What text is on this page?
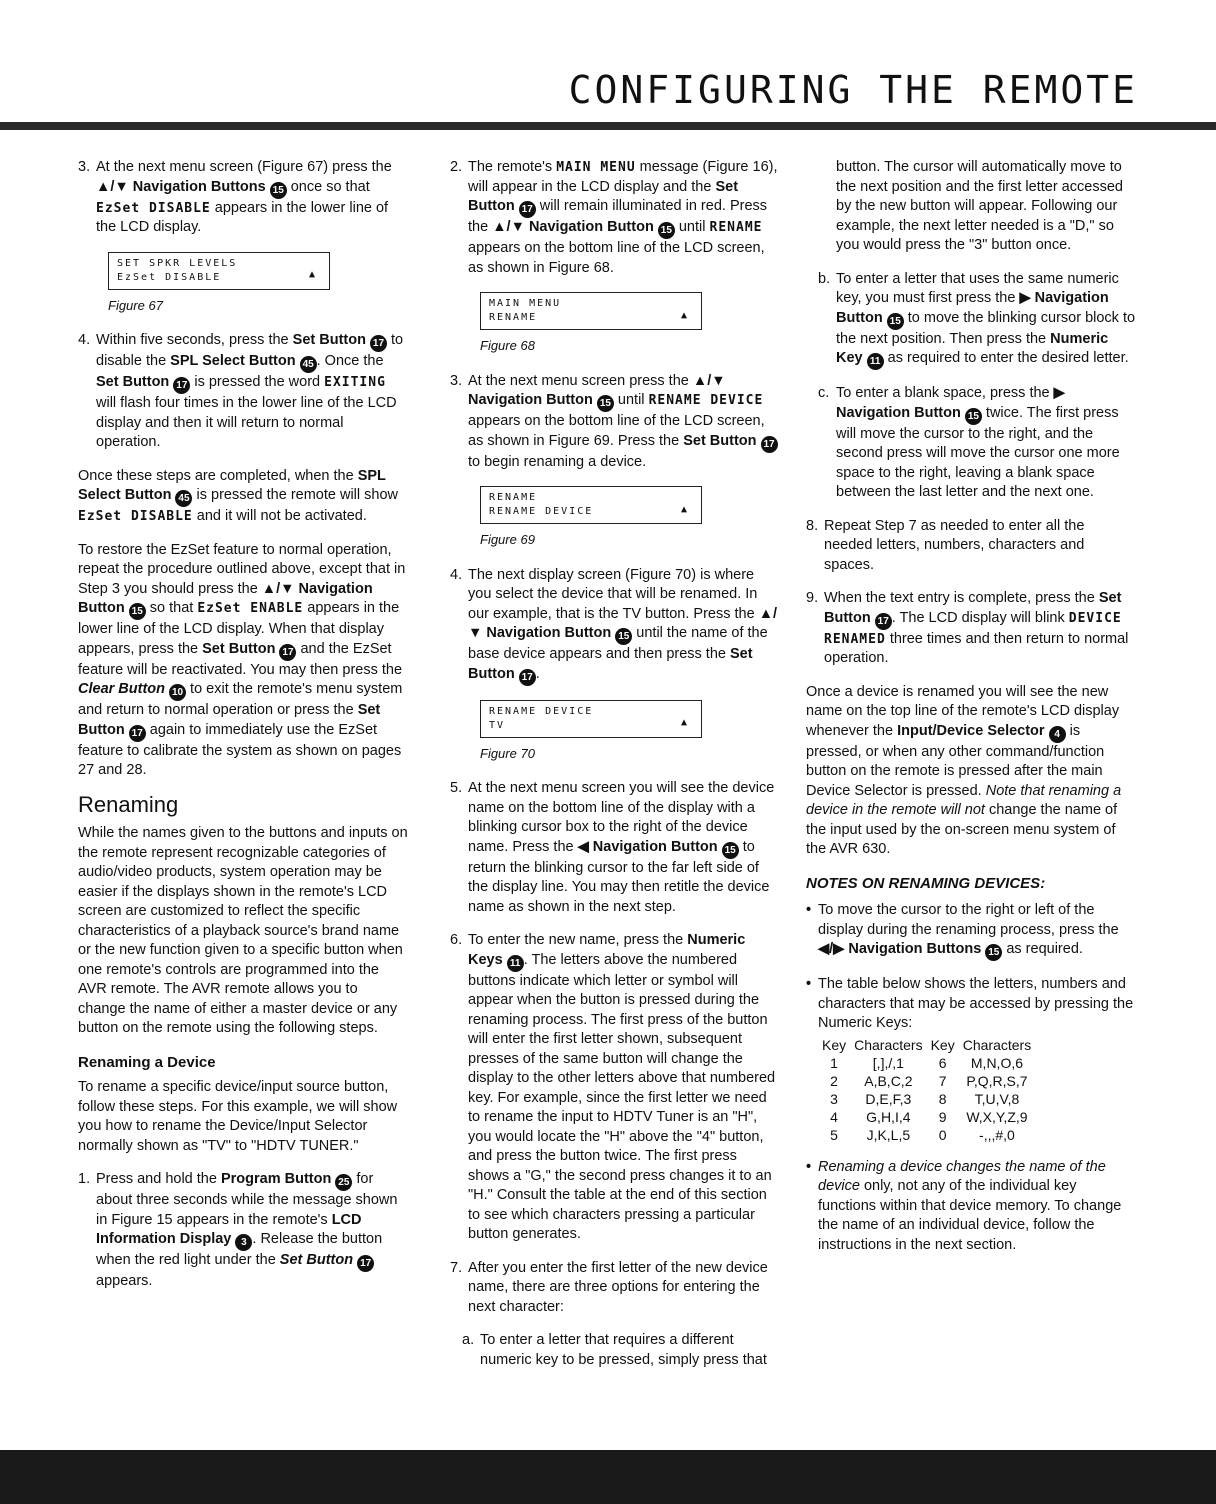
CONFIGURING THE REMOTE
3. At the next menu screen (Figure 67) press the ▲/▼ Navigation Buttons 15 once so that EzSet DISABLE appears in the lower line of the LCD display.
SET SPKR LEVELS
EzSet DISABLE	▲
Figure 67
4. Within five seconds, press the Set Button 17 to disable the SPL Select Button 45 . Once the Set Button 17 is pressed the word EXITING will flash four times in the lower line of the LCD display and then it will return to normal operation.

Once these steps are completed, when the SPL Select Button 45 is pressed the remote will show EzSet DISABLE and it will not be activated.

To restore the EzSet feature to normal operation, repeat the procedure outlined above, except that in Step 3 you should press the ▲/▼ Navigation Button 15 so that EzSet ENABLE appears in the lower line of the LCD display. When that display appears, press the Set Button 17 and the EzSet feature will be reactivated. You may then press the Clear Button 10 to exit the remote's menu system and return to normal operation or press the Set Button 17 again to immediately use the EzSet feature to calibrate the system as shown on pages 27 and 28.

Renaming

While the names given to the buttons and inputs on the remote represent recognizable categories of audio/video products, system operation may be easier if the displays shown in the remote's LCD screen are customized to reflect the specific characteristics of a playback source's brand name or the new function given to a specific button when one remote's controls are programmed into the AVR remote. The AVR remote allows you to change the name of either a master device or any button on the remote using the following steps.

Renaming a Device

To rename a specific device/input source button, follow these steps. For this example, we will show you how to rename the Device/Input Selector normally shown as "TV" to "HDTV TUNER."

1. Press and hold the Program Button 25 for about three seconds while the message shown in Figure 15 appears in the remote's LCD Information Display 3 . Release the button when the red light under the Set Button 17 appears.
2. The remote's MAIN MENU message (Figure 16), will appear in the LCD display and the Set Button 17 will remain illuminated in red. Press the ▲/▼ Navigation Button 15 until RENAME appears on the bottom line of the LCD screen, as shown in Figure 68.
MAIN MENU
RENAME	▲
Figure 68
3. At the next menu screen press the ▲/▼ Navigation Button 15 until RENAME DEVICE appears on the bottom line of the LCD screen, as shown in Figure 69. Press the Set Button 17 to begin renaming a device.
RENAME
RENAME DEVICE	▲
Figure 69
4. The next display screen (Figure 70) is where you select the device that will be renamed. In our example, that is the TV button. Press the ▲/▼ Navigation Button 15 until the name of the base device appears and then press the Set Button 17 .
RENAME DEVICE
TV	▲
Figure 70
5. At the next menu screen you will see the device name on the bottom line of the display with a blinking cursor box to the right of the device name. Press the ◀ Navigation Button 15 to return the blinking cursor to the far left side of the display line. You may then retitle the device name as shown in the next step.
6. To enter the new name, press the Numeric Keys 11 . The letters above the numbered buttons indicate which letter or symbol will appear when the button is pressed during the renaming process. The first press of the button will enter the first letter shown, subsequent presses of the same button will change the display to the other letters above that numbered key. For example, since the first letter we need to rename the input to HDTV Tuner is an "H", you would locate the "H" above the "4" button, and press the button twice. The first press shows a "G," the second press changes it to an "H." Consult the table at the end of this section to see which characters pressing a particular button generates.
7. After you enter the first letter of the new device name, there are three options for entering the next character:
a. To enter a letter that requires a different numeric key to be pressed, simply press that
button. The cursor will automatically move to the next position and the first letter accessed by the new button will appear. Following our example, the next letter needed is a "D," so you would press the "3" button once.
b. To enter a letter that uses the same numeric key, you must first press the ▶ Navigation Button 15 to move the blinking cursor block to the next position. Then press the Numeric Key 11 as required to enter the desired letter.
c. To enter a blank space, press the ▶ Navigation Button 15 twice. The first press will move the cursor to the right, and the second press will move the cursor one more space to the right, leaving a blank space between the last letter and the next one.
8. Repeat Step 7 as needed to enter all the needed letters, numbers, characters and spaces.
9. When the text entry is complete, press the Set Button 17 . The LCD display will blink DEVICE RENAMED three times and then return to normal operation.

Once a device is renamed you will see the new name on the top line of the remote's LCD display whenever the Input/Device Selector 4 is pressed, or when any other command/function button on the remote is pressed after the main Device Selector is pressed. Note that renaming a device in the remote will not change the name of the input used by the on-screen menu system of the AVR 630.

NOTES ON RENAMING DEVICES:
• To move the cursor to the right or left of the display during the renaming process, press the ◀/▶ Navigation Buttons 15 as required.
• The table below shows the letters, numbers and characters that may be accessed by pressing the Numeric Keys:
Key	Characters	Key	Characters
1	[,],/,1	6	M,N,O,6
2	A,B,C,2	7	P,Q,R,S,7
3	D,E,F,3	8	T,U,V,8
4	G,H,I,4	9	W,X,Y,Z,9
5	J,K,L,5	0	-,,,#,0
• Renaming a device changes the name of the device only, not any of the individual key functions within that device memory. To change the name of an individual device, follow the instructions in the next section.
